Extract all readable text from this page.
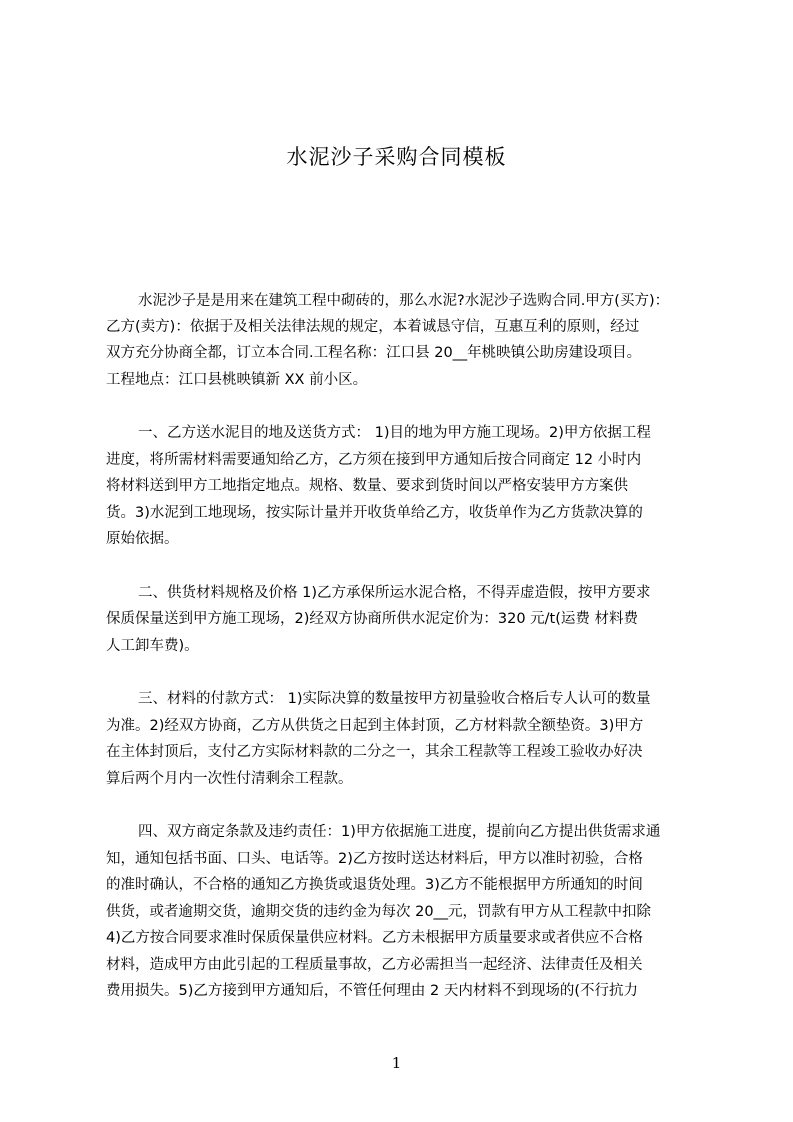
水泥沙子采购合同模板
水泥沙子是是用来在建筑工程中砌砖的，那么水泥?水泥沙子选购合同.甲方(买方)：
乙方(卖方)：依据于及相关法律法规的规定，本着诚恳守信，互惠互利的原则，经过
双方充分协商全都，订立本合同.工程名称：江口县 20__年桃映镇公助房建设项目。
工程地点：江口县桃映镇新 XX 前小区。
一、乙方送水泥目的地及送货方式： 1)目的地为甲方施工现场。2)甲方依据工程
进度，将所需材料需要通知给乙方，乙方须在接到甲方通知后按合同商定 12 小时内
将材料送到甲方工地指定地点。规格、数量、要求到货时间以严格安装甲方方案供
货。3)水泥到工地现场，按实际计量并开收货单给乙方，收货单作为乙方货款决算的
原始依据。
二、供货材料规格及价格 1)乙方承保所运水泥合格，不得弄虚造假，按甲方要求
保质保量送到甲方施工现场，2)经双方协商所供水泥定价为：320 元/t(运费 材料费
人工卸车费)。
三、材料的付款方式： 1)实际决算的数量按甲方初量验收合格后专人认可的数量
为准。2)经双方协商，乙方从供货之日起到主体封顶，乙方材料款全额垫资。3)甲方
在主体封顶后，支付乙方实际材料款的二分之一，其余工程款等工程竣工验收办好决
算后两个月内一次性付清剩余工程款。
四、双方商定条款及违约责任：1)甲方依据施工进度，提前向乙方提出供货需求通
知，通知包括书面、口头、电话等。2)乙方按时送达材料后，甲方以准时初验，合格
的准时确认，不合格的通知乙方换货或退货处理。3)乙方不能根据甲方所通知的时间
供货，或者逾期交货，逾期交货的违约金为每次 20__元，罚款有甲方从工程款中扣除
4)乙方按合同要求准时保质保量供应材料。乙方未根据甲方质量要求或者供应不合格
材料，造成甲方由此引起的工程质量事故，乙方必需担当一起经济、法律责任及相关
费用损失。5)乙方接到甲方通知后，不管任何理由 2 天内材料不到现场的(不行抗力
1
